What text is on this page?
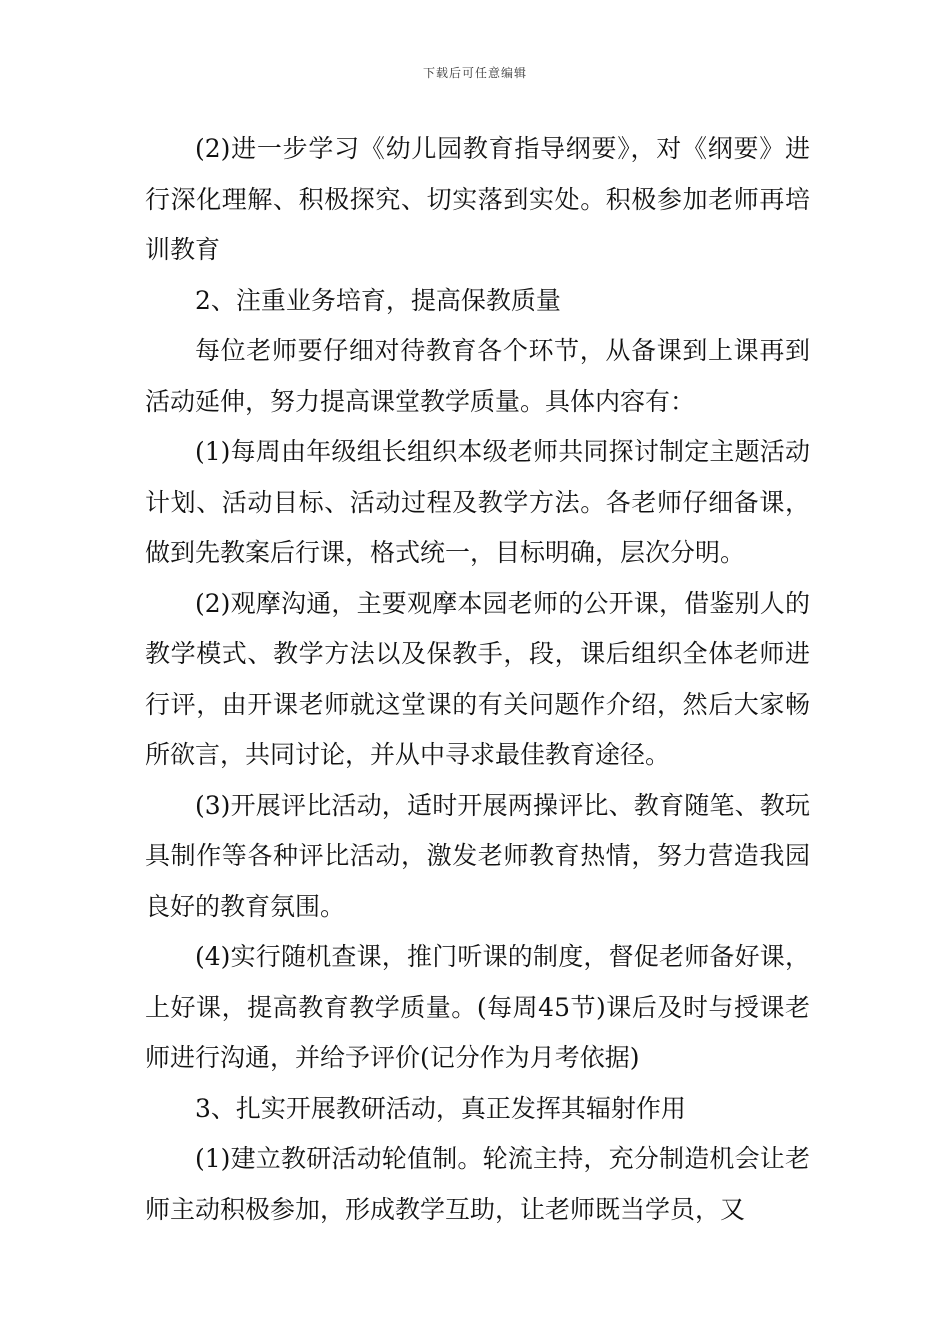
下载后可任意编辑

(2)进一步学习《幼儿园教育指导纲要》，对《纲要》进行深化理解、积极探究、切实落到实处。积极参加老师再培训教育

2、注重业务培育，提高保教质量

每位老师要仔细对待教育各个环节，从备课到上课再到活动延伸，努力提高课堂教学质量。具体内容有：

(1)每周由年级组长组织本级老师共同探讨制定主题活动计划、活动目标、活动过程及教学方法。各老师仔细备课，做到先教案后行课，格式统一，目标明确，层次分明。

(2)观摩沟通，主要观摩本园老师的公开课，借鉴别人的教学模式、教学方法以及保教手，段，课后组织全体老师进行评，由开课老师就这堂课的有关问题作介绍，然后大家畅所欲言，共同讨论，并从中寻求最佳教育途径。

(3)开展评比活动，适时开展两操评比、教育随笔、教玩具制作等各种评比活动，激发老师教育热情，努力营造我园良好的教育氛围。

(4)实行随机查课，推门听课的制度，督促老师备好课，上好课，提高教育教学质量。(每周45节)课后及时与授课老师进行沟通，并给予评价(记分作为月考依据)

3、扎实开展教研活动，真正发挥其辐射作用

(1)建立教研活动轮值制。轮流主持，充分制造机会让老师主动积极参加，形成教学互助，让老师既当学员，又
